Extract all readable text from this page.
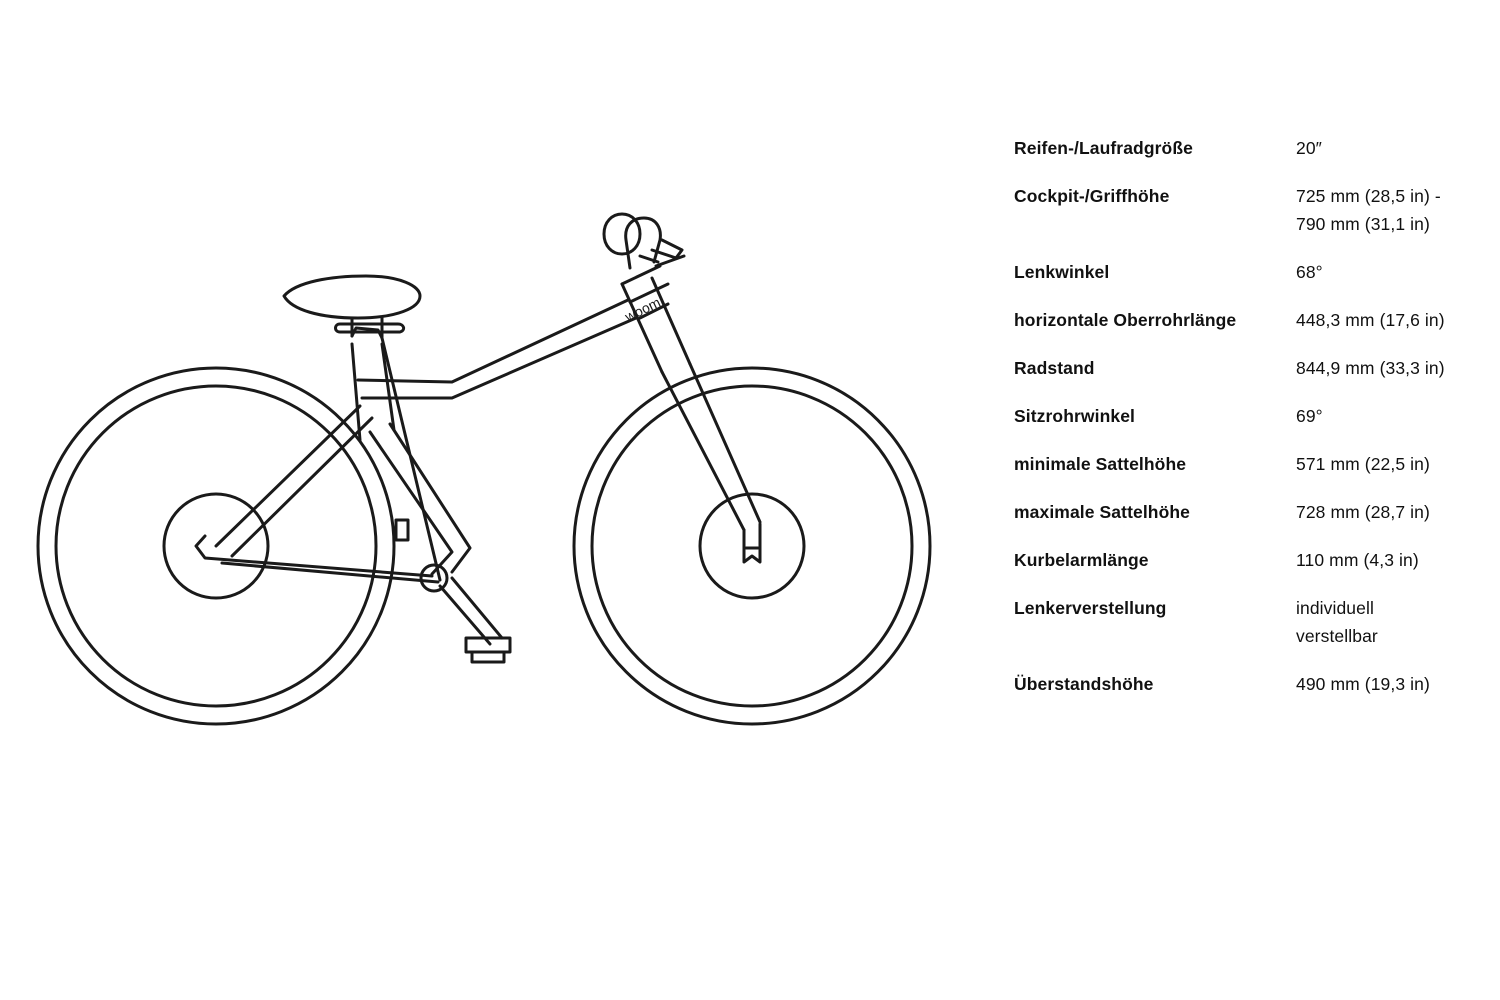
woom
Reifen-/Laufradgröße	20″
Cockpit-/Griffhöhe	725 mm (28,5 in) - 790 mm (31,1 in)
Lenkwinkel	68°
horizontale Oberrohrlänge	448,3 mm (17,6 in)
Radstand	844,9 mm (33,3 in)
Sitzrohrwinkel	69°
minimale Sattelhöhe	571 mm (22,5 in)
maximale Sattelhöhe	728 mm (28,7 in)
Kurbelarmlänge	110 mm (4,3 in)
Lenkerverstellung	individuell verstellbar
Überstandshöhe	490 mm (19,3 in)
